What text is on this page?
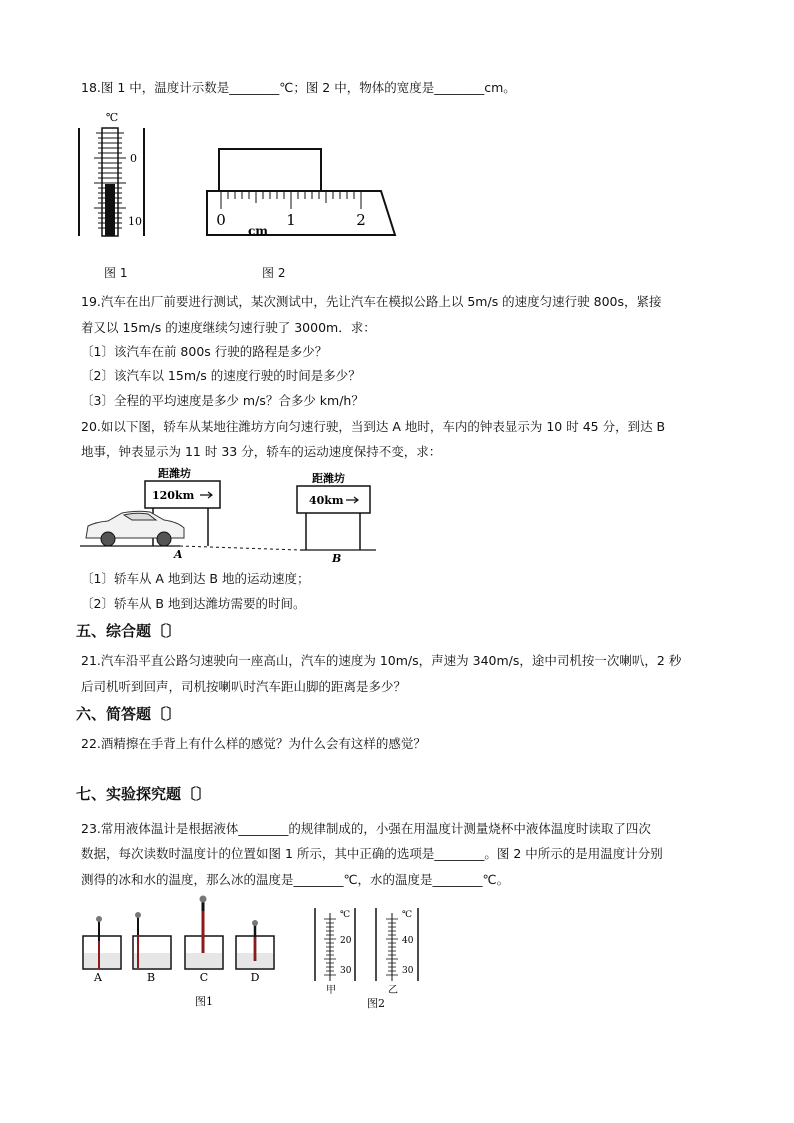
18.图 1 中，温度计示数是________℃；图 2 中，物体的宽度是________cm。
℃
0
10	0	1	2
cm
图 1	图 2
19.汽车在出厂前要进行测试，某次测试中，先让汽车在模拟公路上以 5m/s 的速度匀速行驶 800s，紧接
着又以 15m/s 的速度继续匀速行驶了 3000m．求：
〔1〕该汽车在前 800s 行驶的路程是多少？
〔2〕该汽车以 15m/s 的速度行驶的时间是多少？
〔3〕全程的平均速度是多少 m/s？合多少 km/h？
20.如以下图，轿车从某地往潍坊方向匀速行驶，当到达 A 地时，车内的钟表显示为 10 时 45 分，到达 B
地事，钟表显示为 11 时 33 分，轿车的运动速度保持不变，求：
距潍坊
120km
A
距潍坊
40km
B
〔1〕轿车从 A 地到达 B 地的运动速度；
〔2〕轿车从 B 地到达潍坊需要的时间。
五、综合题〔〕
21.汽车沿平直公路匀速驶向一座高山，汽车的速度为 10m/s，声速为 340m/s，途中司机按一次喇叭，2 秒
后司机听到回声，司机按喇叭时汽车距山脚的距离是多少？
六、简答题〔〕
22.酒精擦在手背上有什么样的感觉？为什么会有这样的感觉？
七、实验探究题〔〕
23.常用液体温计是根据液体________的规律制成的，小强在用温度计测量烧杯中液体温度时读取了四次
数据，每次读数时温度计的位置如图 1 所示，其中正确的选项是________。图 2 中所示的是用温度计分别
测得的冰和水的温度，那么冰的温度是________℃，水的温度是________℃。
A	B	C	D
图1
℃
20
30
甲
℃
40
30
乙
图2
